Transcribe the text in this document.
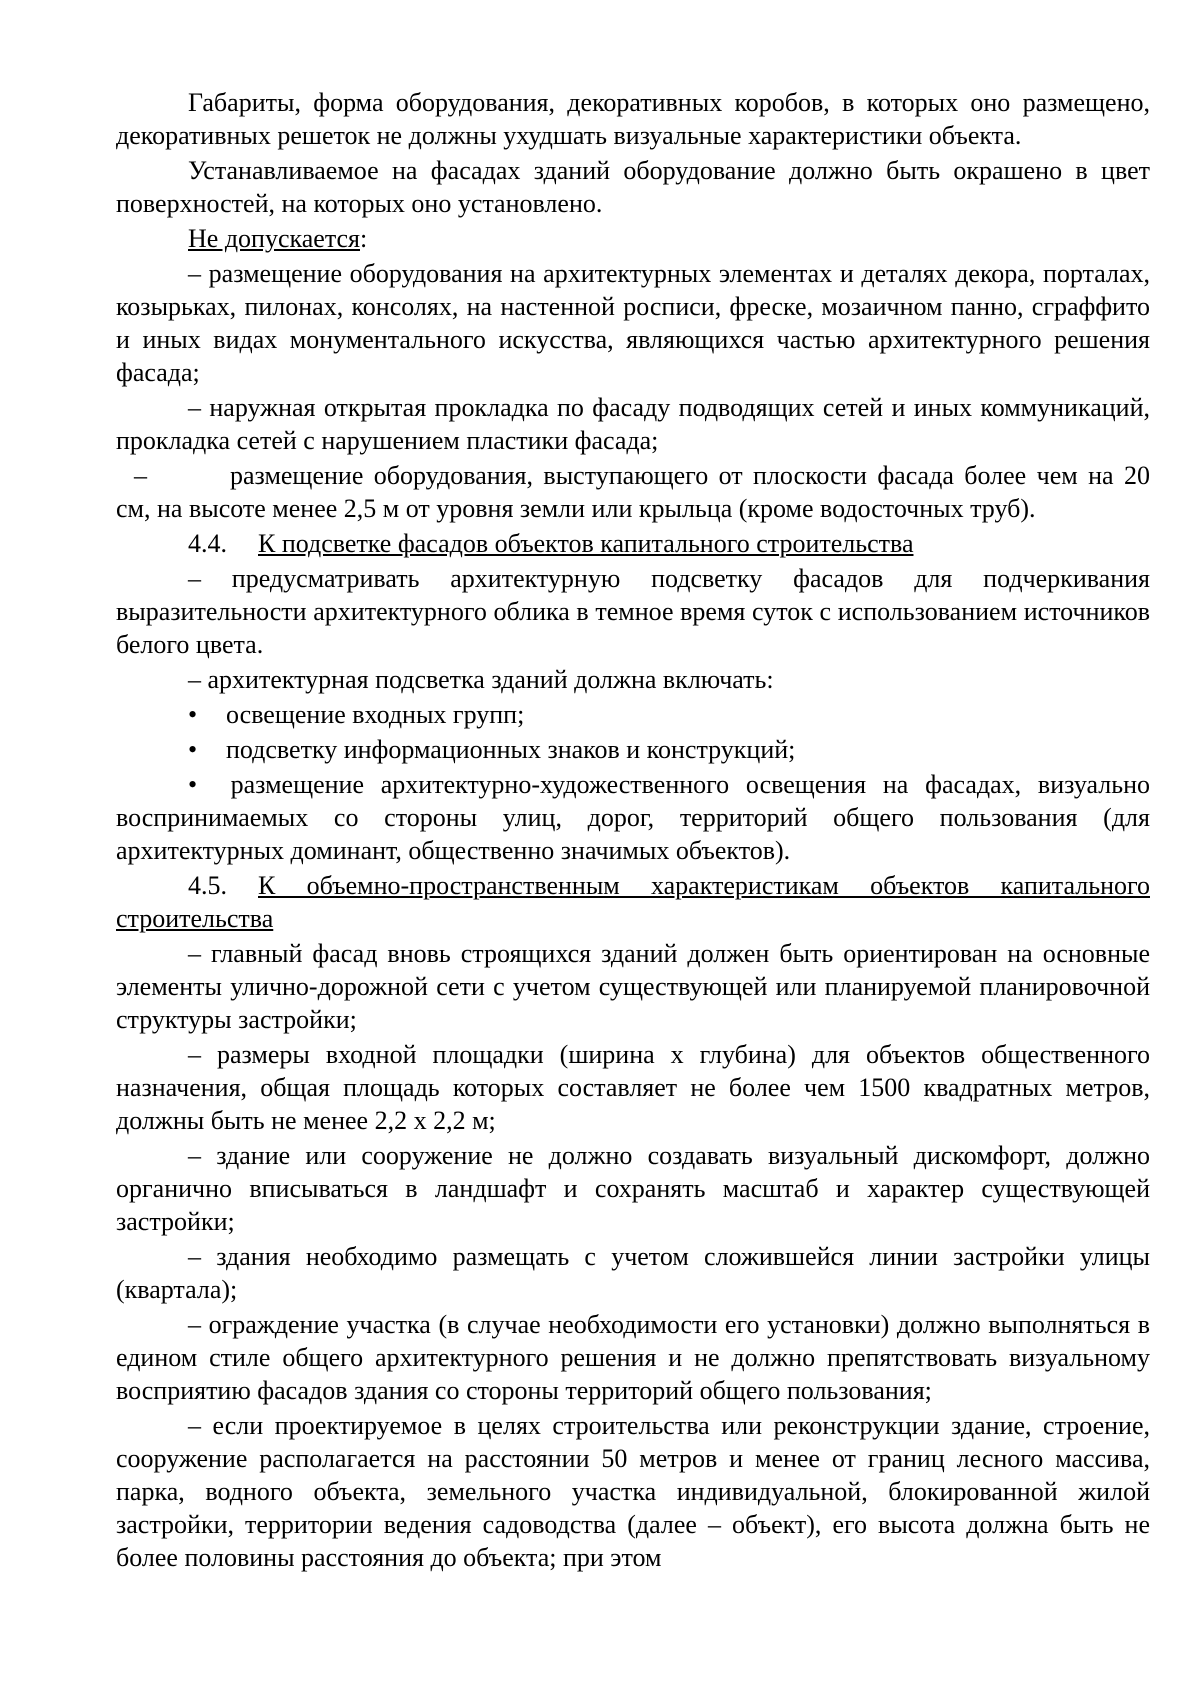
Габариты, форма оборудования, декоративных коробов, в которых оно размещено, декоративных решеток не должны ухудшать визуальные характеристики объекта.

Устанавливаемое на фасадах зданий оборудование должно быть окрашено в цвет поверхностей, на которых оно установлено.

Не допускается:

– размещение оборудования на архитектурных элементах и деталях декора, порталах, козырьках, пилонах, консолях, на настенной росписи, фреске, мозаичном панно, сграффито и иных видах монументального искусства, являющихся частью архитектурного решения фасада;

– наружная открытая прокладка по фасаду подводящих сетей и иных коммуникаций, прокладка сетей с нарушением пластики фасада;

–	размещение оборудования, выступающего от плоскости фасада более чем на 20 см, на высоте менее 2,5 м от уровня земли или крыльца (кроме водосточных труб).

4.4. К подсветке фасадов объектов капитального строительства

– предусматривать архитектурную подсветку фасадов для подчеркивания выразительности архитектурного облика в темное время суток с использованием источников белого цвета.

– архитектурная подсветка зданий должна включать:

•	освещение входных групп;
•	подсветку информационных знаков и конструкций;

• размещение архитектурно-художественного освещения на фасадах, визуально воспринимаемых со стороны улиц, дорог, территорий общего пользования (для архитектурных доминант, общественно значимых объектов).

4.5. К объемно-пространственным характеристикам объектов капитального строительства

– главный фасад вновь строящихся зданий должен быть ориентирован на основные элементы улично-дорожной сети с учетом существующей или планируемой планировочной структуры застройки;

– размеры входной площадки (ширина х глубина) для объектов общественного назначения, общая площадь которых составляет не более чем 1500 квадратных метров, должны быть не менее 2,2 х 2,2 м;

– здание или сооружение не должно создавать визуальный дискомфорт, должно органично вписываться в ландшафт и сохранять масштаб и характер существующей застройки;

– здания необходимо размещать с учетом сложившейся линии застройки улицы (квартала);

– ограждение участка (в случае необходимости его установки) должно выполняться в едином стиле общего архитектурного решения и не должно препятствовать визуальному восприятию фасадов здания со стороны территорий общего пользования;

– если проектируемое в целях строительства или реконструкции здание, строение, сооружение располагается на расстоянии 50 метров и менее от границ лесного массива, парка, водного объекта, земельного участка индивидуальной, блокированной жилой застройки, территории ведения садоводства (далее – объект), его высота должна быть не более половины расстояния до объекта; при этом
